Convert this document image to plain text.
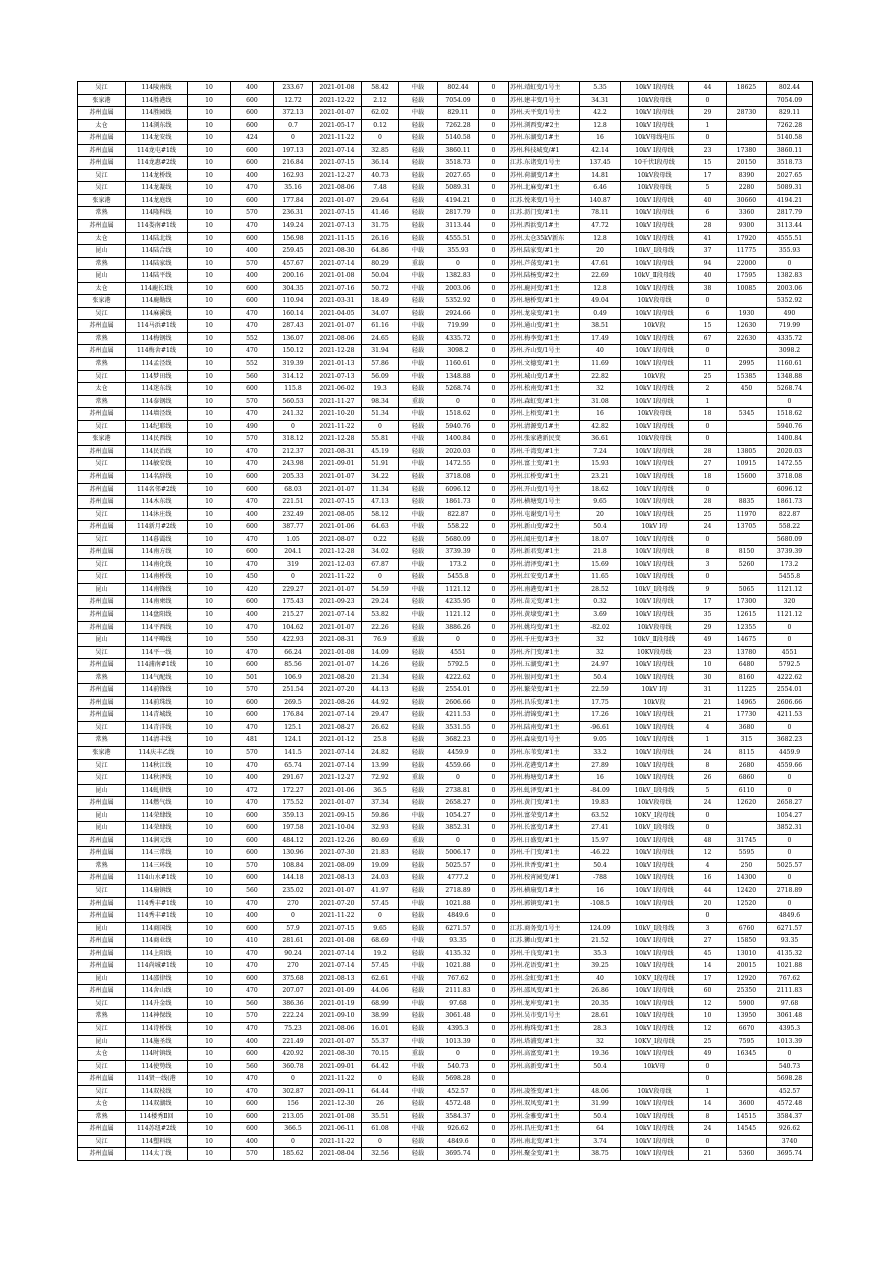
吴江	114陵南线	10	400	233.67	2021-01-08	58.42	中载	802.44	0	苏州.靖虹变/1号主	5.35	10kV Ⅰ段母线	44	18625	802.44
张家港	114胜港线	10	600	12.72	2021-12-22	2.12	轻载	7054.09	0	苏州.建丰变/1号主	34.31	10kV段母线	0		7054.09
苏州直属	114胜园线	10	600	372.13	2021-01-07	62.02	中载	829.11	0	苏州.天平变/1号主	42.2	10kV Ⅰ段母线	29	28730	829.11
太仓	114浏东线	10	600	0.7	2021-05-17	0.12	轻载	7262.28	0	苏州.浏西变/#2主	12.8	10kV Ⅰ段母线	1		7262.28
苏州直属	114龙安线	10	424	0	2021-11-22	0	轻载	5140.58	0	苏州.东湖变/1#主	16	10kV母线电压	0		5140.58
苏州直属	114龙屯#1线	10	600	197.13	2021-07-14	32.85	轻载	3860.11	0	苏州.科技城变/#1	42.14	10kV Ⅰ段母线	23	17380	3860.11
苏州直属	114龙惠#2线	10	600	216.84	2021-07-15	36.14	轻载	3518.73	0	江苏.东诸变/1号主	137.45	10千伏Ⅰ段母线	15	20150	3518.73
吴江	114龙桥线	10	400	162.93	2021-12-27	40.73	轻载	2027.65	0	苏州.荷湖变/1#主	14.81	10kV段母线	17	8390	2027.65
吴江	114龙凝线	10	470	35.16	2021-08-06	7.48	轻载	5089.31	0	苏州.北麻变/#1主	6.46	10kV段母线	5	2280	5089.31
张家港	114龙庭线	10	600	177.84	2021-01-07	29.64	轻载	4194.21	0	江苏.悦来变/1号主	140.87	10kV Ⅰ段母线	40	30660	4194.21
常熟	114隆科线	10	570	236.31	2021-07-15	41.46	轻载	2817.79	0	江苏.沥门变/#1主	78.11	10kV Ⅰ段母线	6	3360	2817.79
苏州直属	114娄南#1线	10	470	149.24	2021-07-13	31.75	轻载	3113.44	0	苏州.西浜变/1#主	47.72	10kV Ⅰ段母线	28	9300	3113.44
太仓	114陆北线	10	600	156.98	2021-11-15	26.16	轻载	4555.51	0	苏州.太仓35kV新东	12.8	10kV Ⅰ段母线	41	17920	4555.51
昆山	114陆合线	10	400	259.45	2021-08-30	64.86	中载	355.93	0	苏州.陆家变/#1主	20	10kV_Ⅰ段母线	37	11775	355.93
常熟	114陆家线	10	570	457.67	2021-07-14	80.29	重载	0	0	苏州.芦荡变/#1主	47.61	10kV Ⅰ段母线	94	22000	0
昆山	114陆平线	10	400	200.16	2021-01-08	50.04	中载	1382.83	0	苏州.陆杨变/#2主	22.69	10kV_Ⅱ段母线	40	17595	1382.83
太仓	114鹿长Ⅰ线	10	600	304.35	2021-07-16	50.72	中载	2003.06	0	苏州.鹿河变/#1主	12.8	10kV Ⅰ段母线	38	10085	2003.06
张家港	114鹿勤线	10	600	110.94	2021-03-31	18.49	轻载	5352.92	0	苏州.塘桥变/#1主	49.04	10kV段母线	0		5352.92
吴江	114麻溪线	10	470	160.14	2021-04-05	34.07	轻载	2924.66	0	苏州.龙泉变/#1主	0.49	10kV Ⅰ段母线	6	1930	490
苏州直属	114马浜#1线	10	470	287.43	2021-01-07	61.16	中载	719.99	0	苏州.通山变/#1主	38.51	10kV段	15	12630	719.99
常熟	114梅钢线	10	552	136.07	2021-08-06	24.65	轻载	4335.72	0	苏州.梅李变/#1主	17.49	10kV Ⅰ段母线	67	22630	4335.72
苏州直属	114梅舍#1线	10	470	150.12	2021-12-28	31.94	轻载	3098.2	0	苏州.齐山变/1号主	40	10kV Ⅰ段母线	0		3098.2
常熟	114孟泾线	10	552	319.39	2021-01-13	57.86	中载	1160.61	0	苏州.文德变/#1主	11.69	10kV Ⅰ段母线	11	2995	1160.61
吴江	114梦田线	10	560	314.12	2021-07-13	56.09	中载	1348.88	0	苏州.城山变/1#主	22.82	10kV段	25	15385	1348.88
太仓	114迷东线	10	600	115.8	2021-06-02	19.3	轻载	5268.74	0	苏州.松南变/#1主	32	10kV Ⅰ段母线	2	450	5268.74
常熟	114泰钢线	10	570	560.53	2021-11-27	98.34	重载	0	0	苏州.森虹变/#1主	31.08	10kV Ⅰ段母线	1		0
苏州直属	114墙泾线	10	470	241.32	2021-10-20	51.34	中载	1518.62	0	苏州.上梧变/#1主	16	10kV段母线	18	5345	1518.62
吴江	114纪耶线	10	490	0	2021-11-22	0	轻载	5940.76	0	苏州.清源变/1#主	42.82	10kV Ⅰ段母线	0		5940.76
张家港	114民西线	10	570	318.12	2021-12-28	55.81	中载	1400.84	0	苏州.张家港新民变	36.61	10kV段母线	0		1400.84
苏州直属	114民治线	10	470	212.37	2021-08-31	45.19	轻载	2020.03	0	苏州.千湾变/#1主	7.24	10kV Ⅰ段母线	28	13805	2020.03
吴江	114敏安线	10	470	243.98	2021-09-01	51.91	中载	1472.55	0	苏州.富土变/#1主	15.93	10kV Ⅰ段母线	27	10915	1472.55
苏州直属	114名辞线	10	600	205.33	2021-01-07	34.22	轻载	3718.08	0	苏州.江桥变/#1主	23.21	10kV Ⅰ段母线	18	15600	3718.08
苏州直属	114名邻#2线	10	600	68.03	2021-01-07	11.34	轻载	6096.12	0	苏州.开山变/1号主	18.62	10kV Ⅰ段母线	0		6096.12
苏州直属	114木东线	10	470	221.51	2021-07-15	47.13	轻载	1861.73	0	苏州.横塘变/1号主	9.65	10kV Ⅰ段母线	28	8835	1861.73
吴江	114沐庄线	10	400	232.49	2021-08-05	58.12	中载	822.87	0	苏州.屯谢变/1号主	20	10kV Ⅰ段母线	25	11970	822.87
苏州直属	114新月#2线	10	600	387.77	2021-01-06	64.63	中载	558.22	0	苏州.新山变/#2主	50.4	10kV Ⅰ母	24	13705	558.22
吴江	114暮霭线	10	470	1.05	2021-08-07	0.22	轻载	5680.09	0	苏州.闻庄变/1#主	18.07	10kV Ⅰ段母线	0		5680.09
苏州直属	114南方线	10	600	204.1	2021-12-28	34.02	轻载	3739.39	0	苏州.新君变/#1主	21.8	10kV Ⅰ段母线	8	8150	3739.39
吴江	114南化线	10	470	319	2021-12-03	67.87	中载	173.2	0	苏州.清泽变/#1主	15.69	10kV Ⅰ段母线	3	5260	173.2
吴江	114南桥线	10	450	0	2021-11-22	0	轻载	5455.8	0	苏州.红安变/1#主	11.65	10kV Ⅰ段母线	0		5455.8
昆山	114南锋线	10	420	229.27	2021-01-07	54.59	中载	1121.12	0	苏州.南港变/#1主	28.52	10kV_Ⅰ段母线	9	5065	1121.12
苏州直属	114南柬线	10	600	175.43	2021-09-23	29.24	轻载	4235.95	0	苏州.苗元变/#1主	0.32	10kV Ⅰ段母线	17	17300	320
苏州直属	114盘阳线	10	400	215.27	2021-07-14	53.82	中载	1121.12	0	苏州.黄埭变/#1主	3.69	10kV Ⅰ段母线	35	12615	1121.12
苏州直属	114平西线	10	470	104.62	2021-01-07	22.26	轻载	3886.26	0	苏州.姚均变/#1主	-82.02	10kV段母线	29	12355	0
昆山	114平畴线	10	550	422.93	2021-08-31	76.9	重载	0	0	苏州.千庄变/#3主	32	10kV_Ⅱ段母线	49	14675	0
吴江	114平一线	10	470	66.24	2021-01-08	14.09	轻载	4551	0	苏州.齐门变/#1主	32	10KV段母线	23	13780	4551
苏州直属	114浦南#1线	10	600	85.56	2021-01-07	14.26	轻载	5792.5	0	苏州.五湖变/#1主	24.97	10kV Ⅰ段母线	10	6480	5792.5
常熟	114气配线	10	501	106.9	2021-08-20	21.34	轻载	4222.62	0	苏州.银河变/#1主	50.4	10kV Ⅰ段母线	30	8160	4222.62
苏州直属	114前锋线	10	570	251.54	2021-07-20	44.13	轻载	2554.01	0	苏州.繁荣变/#1主	22.59	10kV Ⅰ母	31	11225	2554.01
苏州直属	114前珠线	10	600	269.5	2021-08-26	44.92	轻载	2606.66	0	苏州.昌乐变/#1主	17.75	10kV段	21	14965	2606.66
苏州直属	114青城线	10	600	176.84	2021-07-14	29.47	轻载	4211.53	0	苏州.清锦变/#1主	17.26	10kV Ⅰ段母线	21	17730	4211.53
吴江	114青洋线	10	470	125.1	2021-08-27	26.62	轻载	3531.55	0	苏州.陆南变/#1主	-96.61	10kV Ⅰ段母线	4	3680	0
常熟	114清丰线	10	481	124.1	2021-01-12	25.8	轻载	3682.23	0	苏州.森泉变/1号主	9.05	10kV Ⅰ段母线	1	315	3682.23
张家港	114庆丰乙线	10	570	141.5	2021-07-14	24.82	轻载	4459.9	0	苏州.东苇变/#1主	33.2	10kV Ⅰ段母线	24	8115	4459.9
吴江	114秋江线	10	470	65.74	2021-07-14	13.99	轻载	4559.66	0	苏州.花港变/1#主	27.89	10kV Ⅰ段母线	8	2680	4559.66
吴江	114秋泽线	10	400	291.67	2021-12-27	72.92	重载	0	0	苏州.梅塘变/1#主	16	10kV Ⅰ段母线	26	6860	0
昆山	114虬律线	10	472	172.27	2021-01-06	36.5	轻载	2738.81	0	苏州.虬泽变/#1主	-84.09	10kV_Ⅰ段母线	5	6110	0
苏州直属	114燃气线	10	470	175.52	2021-01-07	37.34	轻载	2658.27	0	苏州.黄门变/#1主	19.83	10kV段母线	24	12620	2658.27
昆山	114荣肆线	10	600	359.13	2021-09-15	59.86	中载	1054.27	0	苏州.富荣变/1#主	63.52	10KV_Ⅰ段母线	0		1054.27
昆山	114荣肆线	10	600	197.58	2021-10-04	32.93	轻载	3852.31	0	苏州.长富变/1#主	27.41	10kV_Ⅰ段母线	0		3852.31
苏州直属	114润元线	10	600	484.12	2021-12-26	80.69	重载	0	0	苏州.日盛变/#1主	15.97	10kV Ⅰ段母线	48	31745	0
苏州直属	114三常线	10	600	130.96	2021-07-30	21.83	轻载	5006.17	0	苏州.千门变/#1主	-46.22	10kV Ⅰ段母线	12	5595	0
常熟	114三环线	10	570	108.84	2021-08-09	19.09	轻载	5025.57	0	苏州.世香变/#1主	50.4	10kV Ⅰ段母线	4	250	5025.57
苏州直属	114山水#1线	10	600	144.18	2021-08-13	24.03	轻载	4777.2	0	苏州.校宵园变/#1	-788	10kV Ⅰ段母线	16	14300	0
吴江	114扇镇线	10	560	235.02	2021-01-07	41.97	轻载	2718.89	0	苏州.横扇变/1#主	16	10kV Ⅰ段母线	44	12420	2718.89
苏州直属	114秀丰#1线	10	470	270	2021-07-20	57.45	中载	1021.88	0	苏州.郭镇变/#1主	-108.5	10kV Ⅰ段母线	20	12520	0
苏州直属	114秀丰#1线	10	400	0	2021-11-22	0	轻载	4849.6	0				0		4849.6
昆山	114商国线	10	600	57.9	2021-07-15	9.65	轻载	6271.57	0	江苏.商务变/1号主	124.09	10kV_Ⅰ段母线	3	6760	6271.57
苏州直属	114商业线	10	410	281.61	2021-01-08	68.69	中载	93.35	0	江苏.狮山变/#1主	21.52	10kV Ⅰ段母线	27	15850	93.35
苏州直属	114上阳线	10	470	90.24	2021-07-14	19.2	轻载	4135.32	0	苏州.千良变/#1主	35.3	10kV Ⅰ段母线	45	13010	4135.32
苏州直属	114尚城#1线	10	470	270	2021-07-14	57.45	中载	1021.88	0	苏州.花语变/#1主	39.25	10kV Ⅰ段母线	14	20015	1021.88
昆山	114邵律线	10	600	375.68	2021-08-13	62.61	中载	767.62	0	苏州.金虹变/#1主	40	10KV_Ⅰ段母线	17	12920	767.62
苏州直属	114舍山线	10	470	207.07	2021-01-09	44.06	轻载	2111.83	0	苏州.邵凤变/#1主	26.86	10kV Ⅰ段母线	60	25350	2111.83
吴江	114升金线	10	560	386.36	2021-01-19	68.99	中载	97.68	0	苏州.龙库变/#1主	20.35	10kV Ⅰ段母线	12	5900	97.68
常熟	114神保线	10	570	222.24	2021-09-10	38.99	轻载	3061.48	0	苏州.吴市变/1号主	28.61	10kV Ⅰ段母线	10	13950	3061.48
吴江	114诗桥线	10	470	75.23	2021-08-06	16.01	轻载	4395.3	0	苏州.梅珠变/#1主	28.3	10kV Ⅰ段母线	12	6670	4395.3
昆山	114施圣线	10	400	221.49	2021-01-07	55.37	中载	1013.39	0	苏州.塔浦变/#1主	32	10KV_Ⅰ段母线	25	7595	1013.39
太仓	114时镇线	10	600	420.92	2021-08-30	70.15	重载	0	0	苏州.高富变/#1主	19.36	10kV Ⅰ段母线	49	16345	0
吴江	114使势线	10	560	360.78	2021-09-01	64.42	中载	540.73	0	苏州.高新变/#1主	50.4	10kV母	0		540.73
苏州直属	114贤一线(港	10	470	0	2021-11-22	0	轻载	5698.28	0				0		5698.28
吴江	114双枝线	10	470	302.87	2021-09-11	64.44	中载	452.57	0	苏州.凌签变/#1主	48.06	10kV段母线	1		452.57
太仓	114双湖线	10	600	156	2021-12-30	26	轻载	4572.48	0	苏州.双凤变/#1主	31.99	10kV Ⅰ段母线	14	3600	4572.48
常熟	114楼秀Ⅱ回	10	600	213.05	2021-01-08	35.51	轻载	3584.37	0	苏州.金雅变/#1主	50.4	10kV Ⅰ段母线	8	14515	3584.37
苏州直属	114苏纽#2线	10	600	366.5	2021-06-11	61.08	中载	926.62	0	苏州.昌庄变/#1主	64	10kV Ⅰ段母线	24	14545	926.62
吴江	114塑料线	10	400	0	2021-11-22	0	轻载	4849.6	0	苏州.南北变/#1主	3.74	10kV Ⅰ段母线	0		3740
苏州直属	114太丁线	10	570	185.62	2021-08-04	32.56	轻载	3695.74	0	苏州.聚金变/#1主	38.75	10kV Ⅰ段母线	21	5360	3695.74
